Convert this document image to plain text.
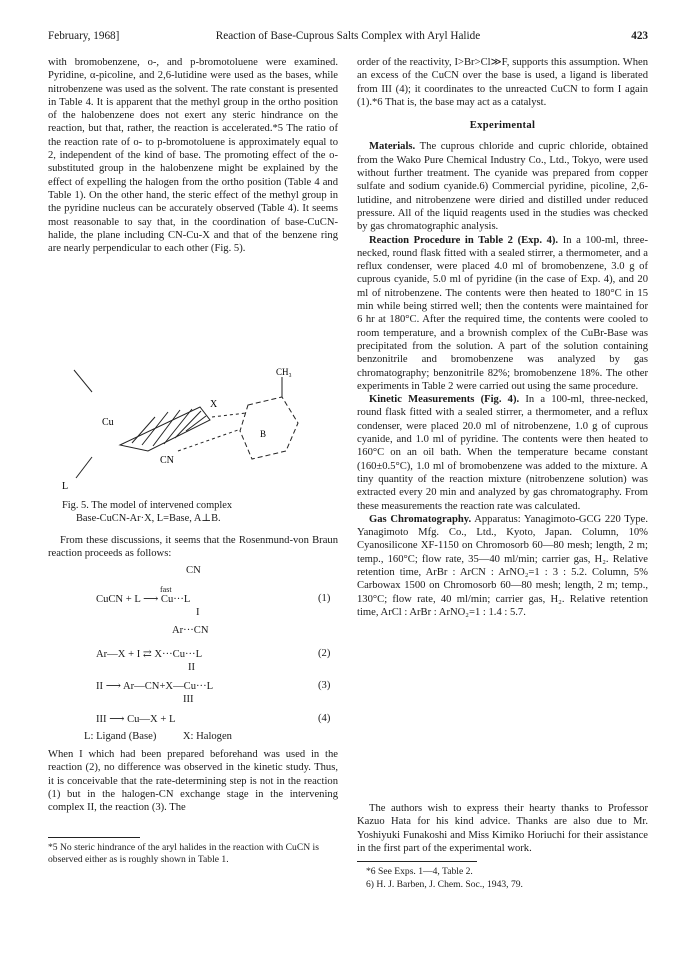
February, 1968]	Reaction of Base-Cuprous Salts Complex with Aryl Halide	423

with bromobenzene, o-, and p-bromotoluene were examined. Pyridine, α-picoline, and 2,6-lutidine were used as the bases, while nitrobenzene was used as the solvent. The rate constant is presented in Table 4. It is apparent that the methyl group in the ortho position of the halobenzene does not exert any steric hindrance on the reaction, but that, rather, the reaction is accelerated.*5 The ratio of the reaction rate of o- to p-bromotoluene is approximately equal to 2, independent of the kind of base. The promoting effect of the o-substituted group in the halobenzene might be explained by the effect of expelling the halogen from the ortho position (Table 4 and Table 1). On the other hand, the steric effect of the methyl group in the pyridine nucleus can be accurately observed (Table 4). It seems most reasonable to say that, in the coordination of base-CuCN-halide, the plane including CN-Cu-X and that of the benzene ring are nearly perpendicular to each other (Fig. 5).

Cu
X
CH₃
B
CN
L
Fig. 5. The model of intervened complex
Base-CuCN-Ar·X, L=Base, A⊥B.

From these discussions, it seems that the Rosenmund-von Braun reaction proceeds as follows:

CN
fast
CuCN + L ⟶ Cu···L
I
(1)
Ar···CN
Ar—X + I ⇄ X···Cu···L
II
(2)
II ⟶ Ar—CN+X—Cu···L
III
(3)
III ⟶ Cu—X + L	(4)
L: Ligand (Base)          X: Halogen

When I which had been prepared beforehand was used in the reaction (2), no difference was observed in the kinetic study. Thus, it is conceivable that the rate-determining step is not in the reaction (1) but in the halogen-CN exchange stage in the intervening complex II, the reaction (3). The

*5 No steric hindrance of the aryl halides in the reaction with CuCN is observed either as is roughly shown in Table 1.

order of the reactivity, I>Br>Cl≫F, supports this assumption. When an excess of the CuCN over the base is used, a ligand is liberated from III (4); it coordinates to the unreacted CuCN to form I again (1).*6 That is, the base may act as a catalyst.

Experimental

Materials. The cuprous chloride and cupric chloride, obtained from the Wako Pure Chemical Industry Co., Ltd., Tokyo, were used without further treatment. The cyanide was prepared from copper sulfate and sodium cyanide.6) Commercial pyridine, picoline, 2,6-lutidine, and nitrobenzene were diried and distilled under reduced pressure. All of the liquid reagents used in the studies was checked by gas chromatographic analysis.

Reaction Procedure in Table 2 (Exp. 4). In a 100-ml, three-necked, round flask fitted with a sealed stirrer, a thermometer, and a reflux condenser, were placed 4.0 ml of bromobenzene, 3.0 g of cuprous cyanide, 5.0 ml of pyridine (in the case of Exp. 4), and 20 ml of nitrobenzene. The contents were then heated to 180°C in 15 min while being stirred well; then the contents were maintained for 6 hr at 180°C. After the required time, the contents were cooled to room temperature, and a brownish complex of the CuBr-Base was precipitated from the solution. A part of the solution containing benzonitrile and bromobenzene was analyzed by gas chromatography; benzonitrile 82%; bromobenzene 18%. The other experiments in Table 2 were carried out using the same procedure.

Kinetic Measurements (Fig. 4). In a 100-ml, three-necked, round flask fitted with a sealed stirrer, a thermometer, and a reflux condenser, were placed 20.0 ml of nitrobenzene, 1.0 g of cuprous cyanide, and 1.0 ml of pyridine. The contents were then heated to 160°C on an oil bath. When the temperature became constant (160±0.5°C), 1.0 ml of bromobenzene was added to the mixture. A tiny quantity of the reaction mixture (nitrobenzene solution) was extracted every 20 min and analyzed by gas chromatography. From these measurements the reaction rate was calculated.

Gas Chromatography. Apparatus: Yanagimoto-GCG 220 Type. Yanagimoto Mfg. Co., Ltd., Kyoto, Japan. Column, 10% Cyanosilicone XF-1150 on Chromosorb 60—80 mesh; length, 2 m; temp., 160°C; flow rate, 35—40 ml/min; carrier gas, H₂. Relative retention time, ArBr : ArCN : ArNO₂=1 : 3 : 5.2. Column, 5% Carbowax 1500 on Chromosorb 60—80 mesh; length, 2 m; temp., 130°C; flow rate, 40 ml/min; carrier gas, H₂. Relative retention time, ArCl : ArBr : ArNO₂=1 : 1.4 : 5.7.

The authors wish to express their hearty thanks to Professor Kazuo Hata for his kind advice. Thanks are also due to Mr. Yoshiyuki Funakoshi and Miss Kimiko Horiuchi for their assistance in the first part of the experimental work.

*6 See Exps. 1—4, Table 2.
6) H. J. Barben, J. Chem. Soc., 1943, 79.
